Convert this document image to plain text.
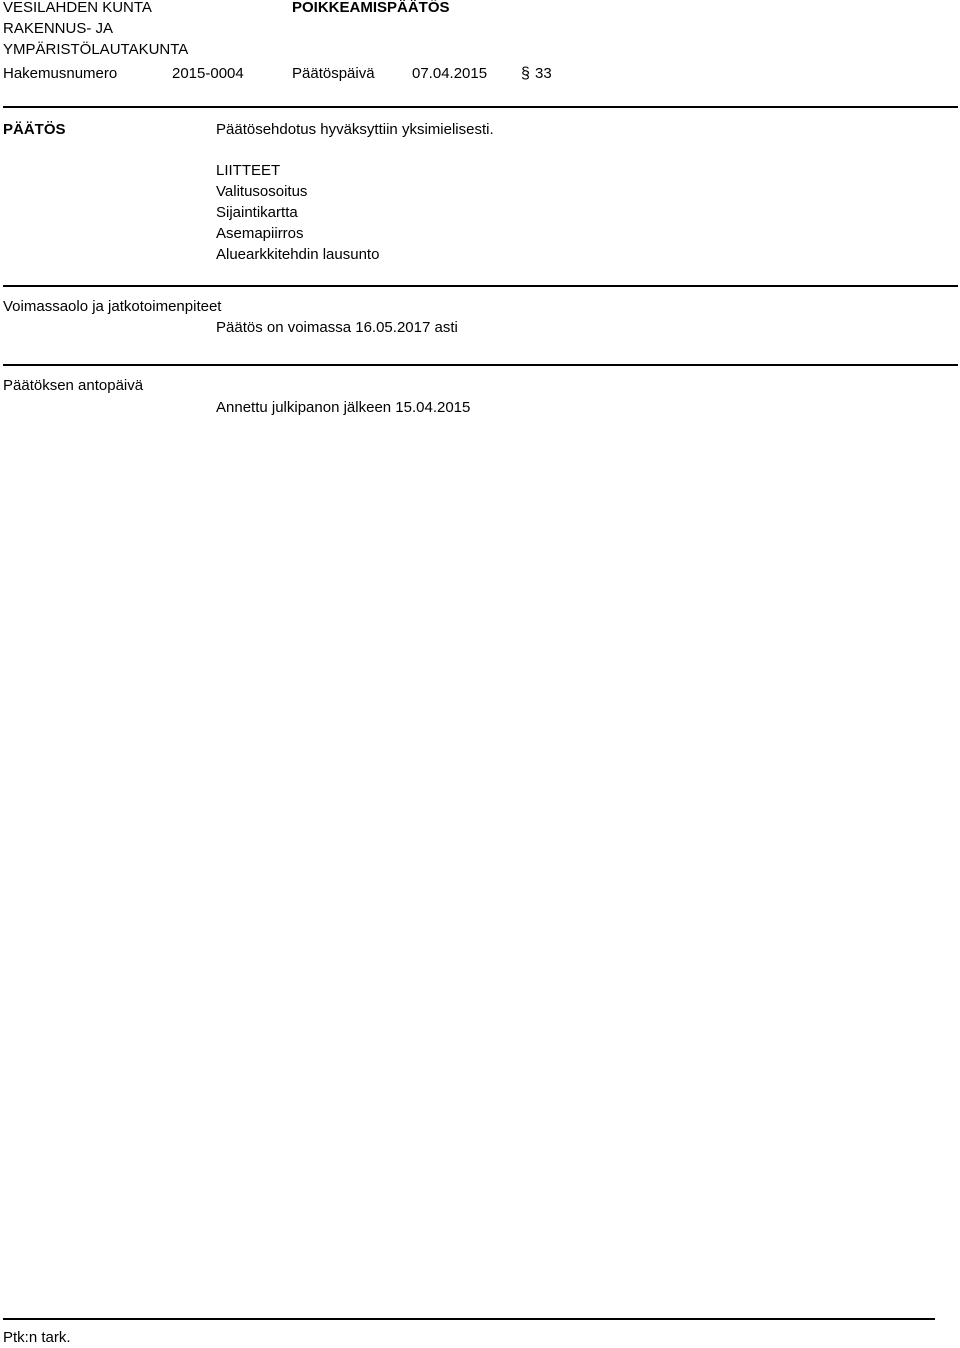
VESILAHDEN KUNTA
RAKENNUS- JA
YMPÄRISTÖLAUTAKUNTA
POIKKEAMISPÄÄTÖS
Hakemusnumero	2015-0004	Päätöspäivä 07.04.2015 § 33
PÄÄTÖS	Päätösehdotus hyväksyttiin yksimielisesti.
LIITTEET
Valitusosoitus
Sijaintikartta
Asemapiirros
Aluearkkitehdin lausunto
Voimassaolo ja jatkotoimenpiteet
Päätös on voimassa 16.05.2017 asti
Päätöksen antopäivä
Annettu julkipanon jälkeen 15.04.2015
Ptk:n tark.
